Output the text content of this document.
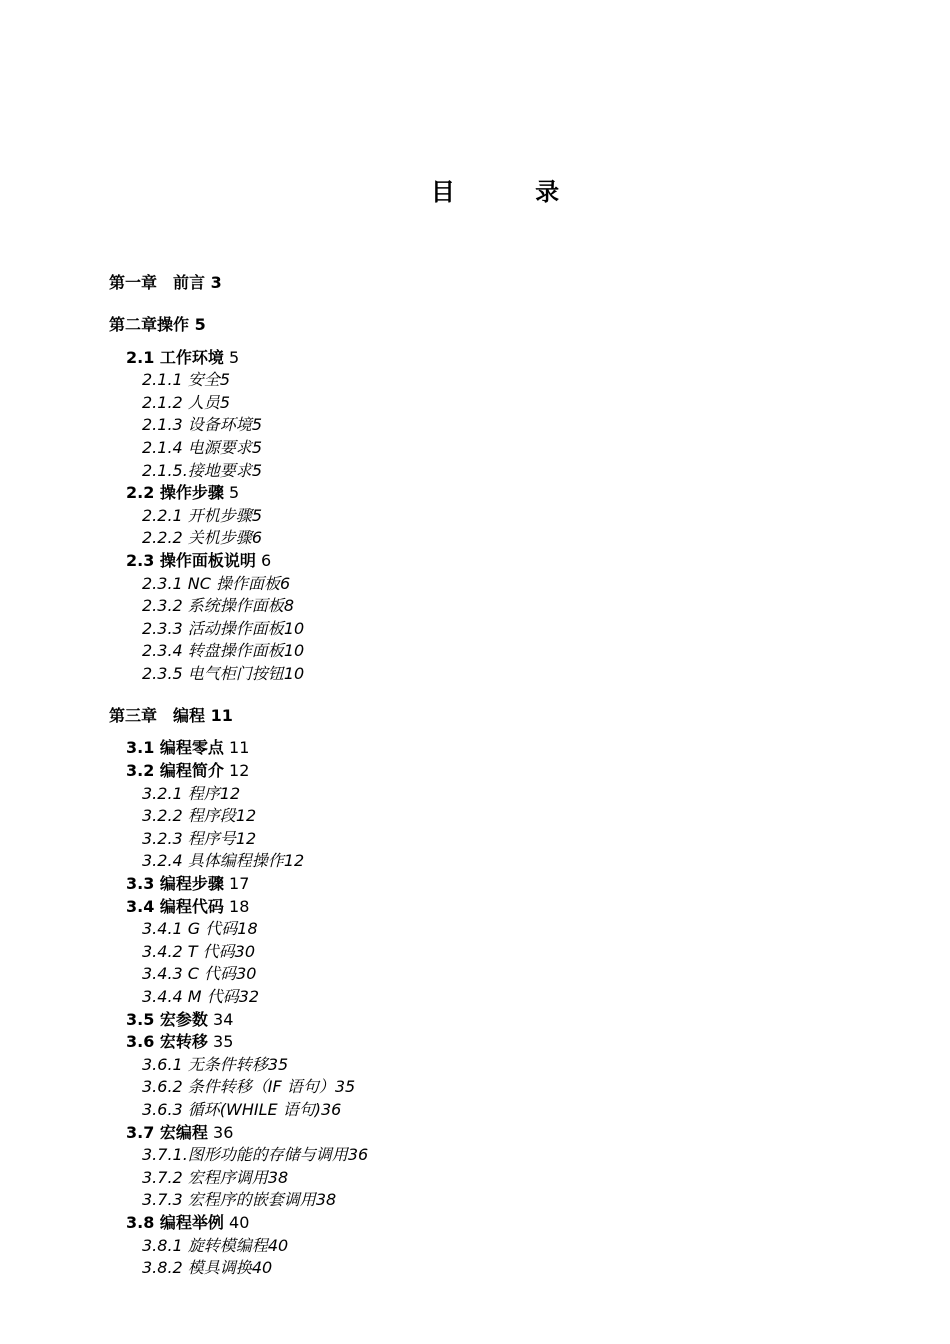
目 录
第一章　前言 3
第二章操作 5
2.1 工作环境 5
2.1.1 安全5
2.1.2 人员5
2.1.3 设备环境5
2.1.4 电源要求5
2.1.5.接地要求5
2.2 操作步骤 5
2.2.1 开机步骤5
2.2.2 关机步骤6
2.3 操作面板说明 6
2.3.1 NC 操作面板6
2.3.2 系统操作面板8
2.3.3 活动操作面板10
2.3.4 转盘操作面板10
2.3.5 电气柜门按钮10
第三章　编程 11
3.1 编程零点 11
3.2 编程简介 12
3.2.1 程序12
3.2.2 程序段12
3.2.3 程序号12
3.2.4 具体编程操作12
3.3 编程步骤 17
3.4 编程代码 18
3.4.1 G 代码18
3.4.2 T 代码30
3.4.3 C 代码30
3.4.4 M 代码32
3.5 宏参数 34
3.6 宏转移 35
3.6.1 无条件转移35
3.6.2 条件转移（IF 语句）35
3.6.3 循环(WHILE 语句)36
3.7 宏编程 36
3.7.1.图形功能的存储与调用36
3.7.2 宏程序调用38
3.7.3 宏程序的嵌套调用38
3.8 编程举例 40
3.8.1 旋转模编程40
3.8.2 模具调换40
